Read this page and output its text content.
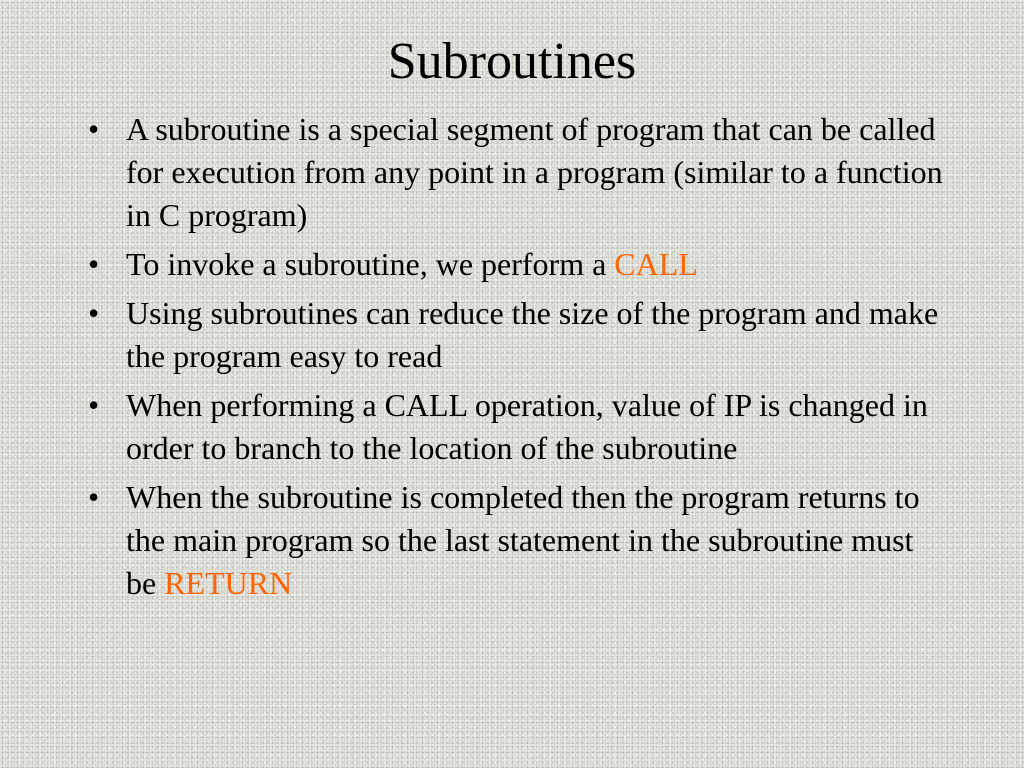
Subroutines
• A subroutine is a special segment of program that can be called for execution from any point in a program (similar to a function in C program)
• To invoke a subroutine, we perform a CALL
• Using subroutines can reduce the size of the program and make the program easy to read
• When performing a CALL operation, value of IP is changed in order to branch to the location of the subroutine
• When the subroutine is completed then the program returns to the main program so the last statement in the subroutine must be RETURN
